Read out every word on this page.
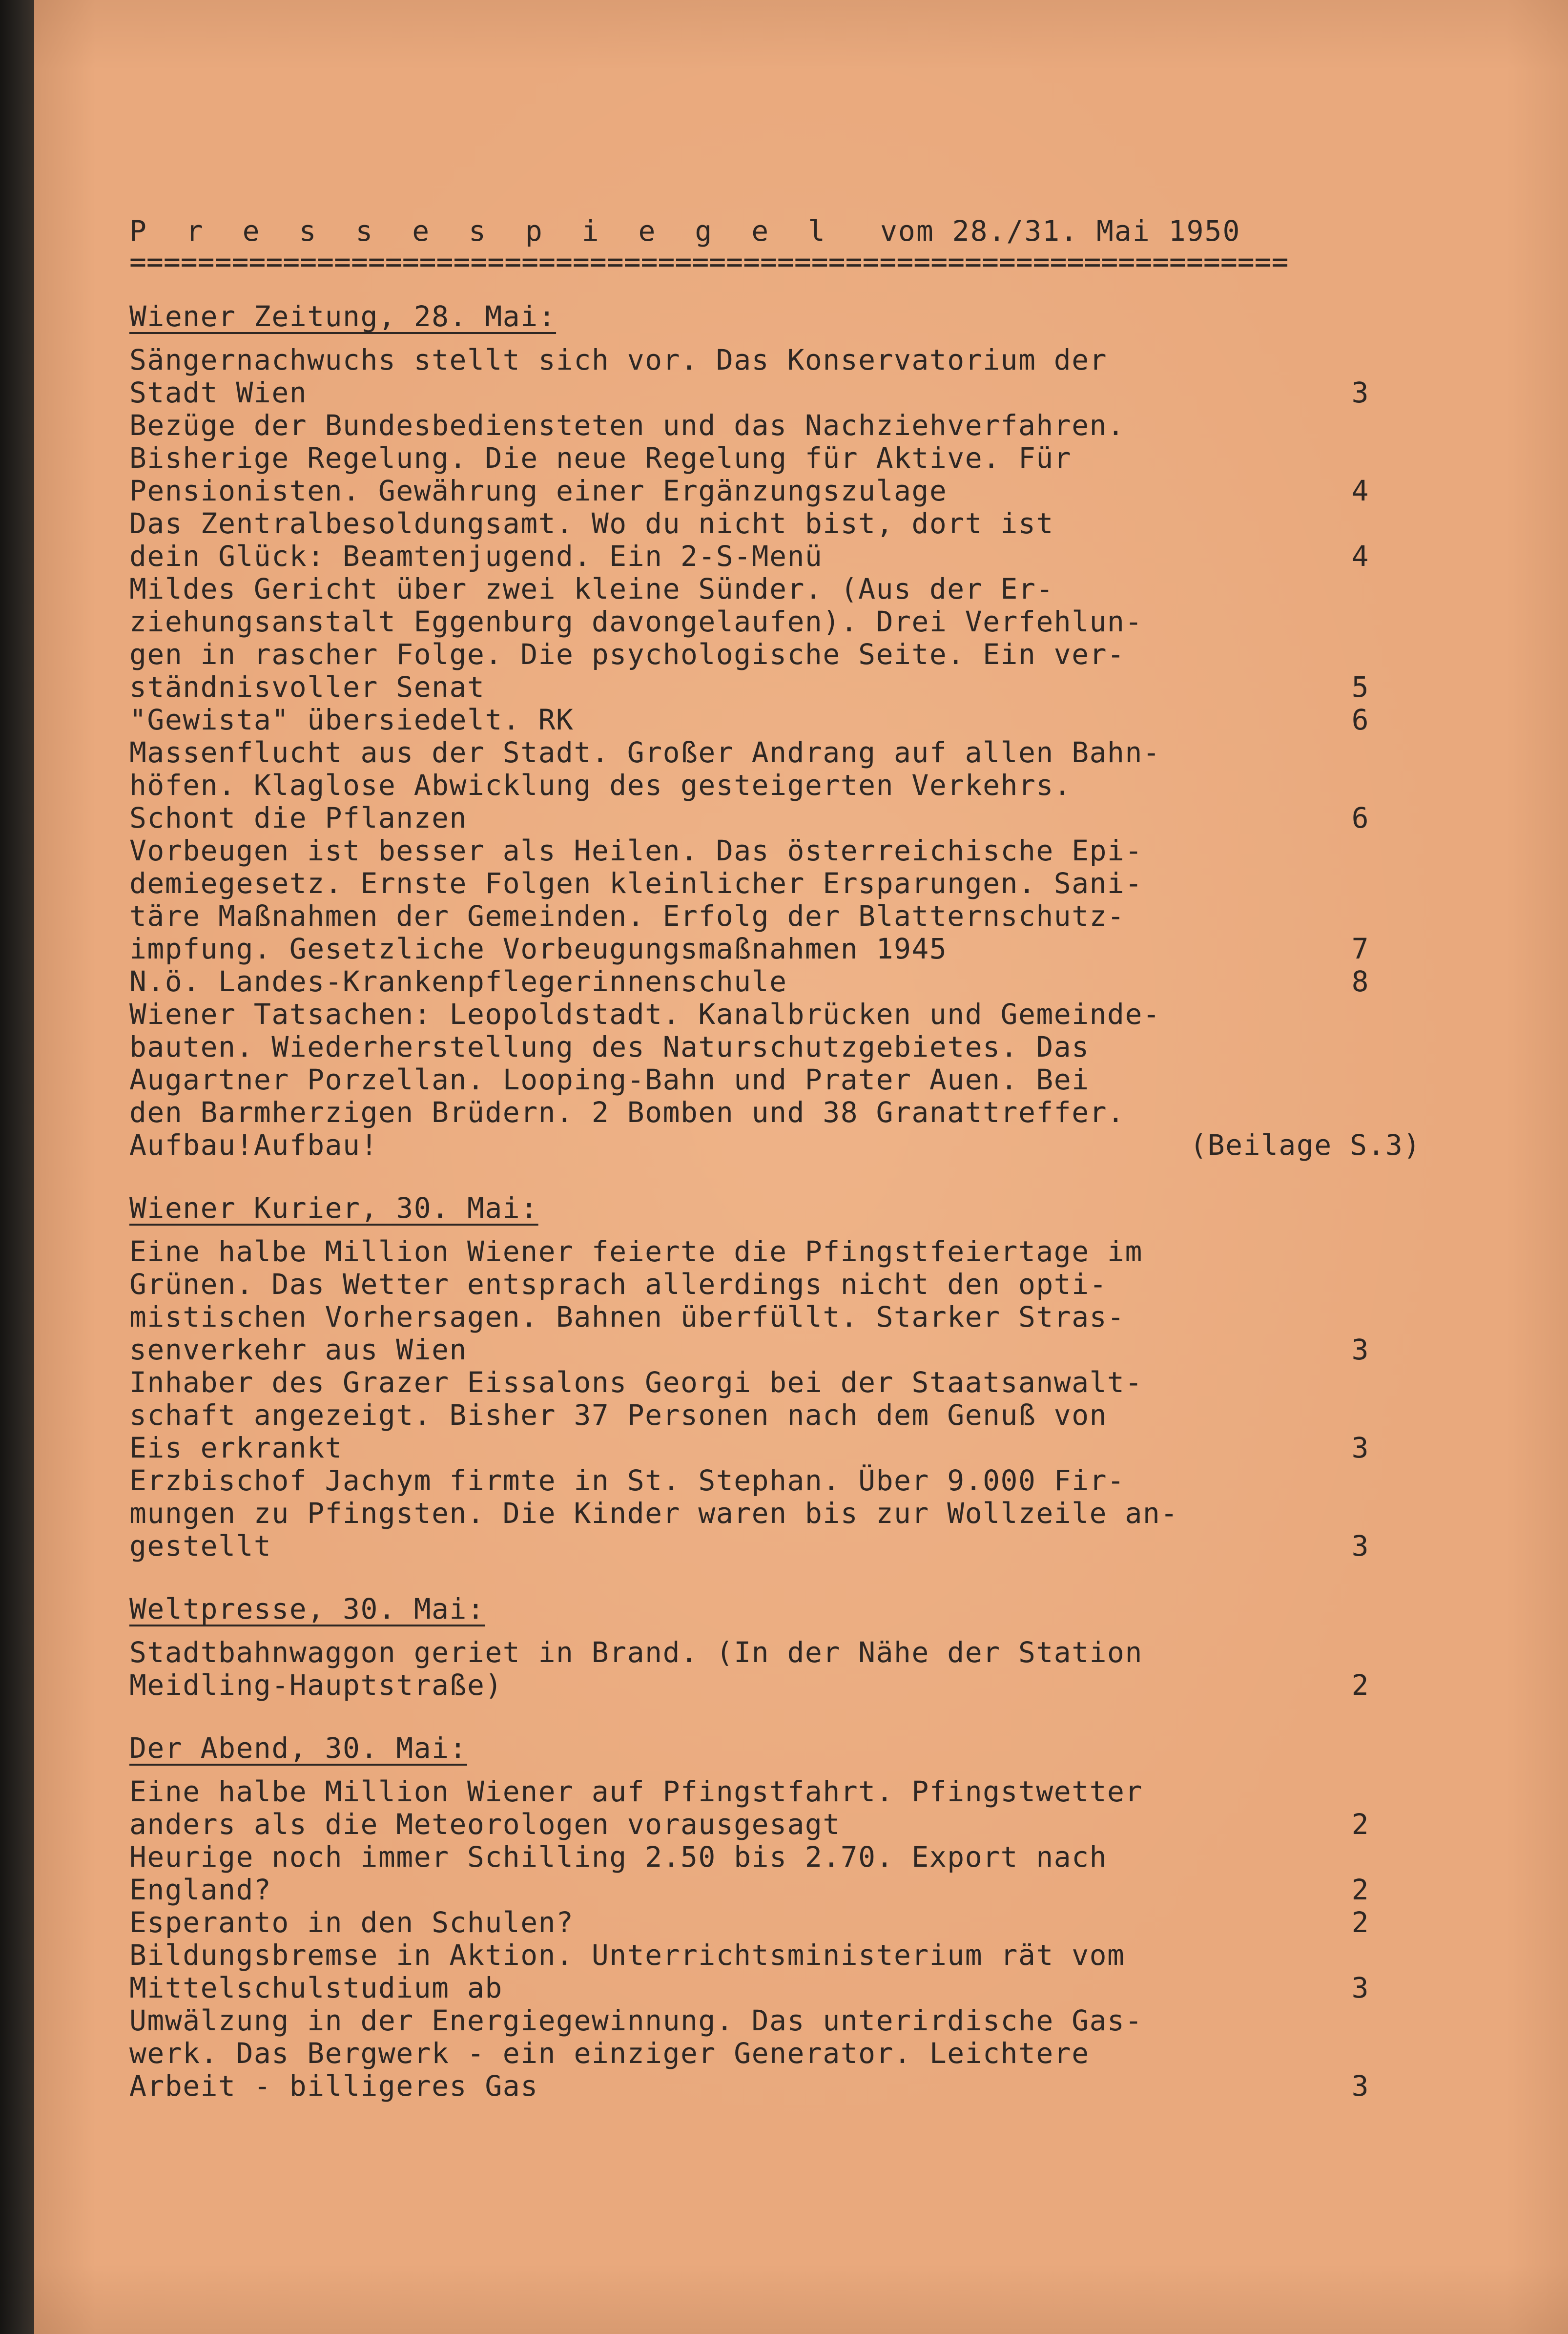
P r e s s e s p i e g e l vom 28./31. Mai 1950
====================================================================
Wiener Zeitung, 28. Mai:
Sängernachwuchs stellt sich vor. Das Konservatorium der
Stadt Wien	3
Bezüge der Bundesbediensteten und das Nachziehverfahren.
Bisherige Regelung. Die neue Regelung für Aktive. Für
Pensionisten. Gewährung einer Ergänzungszulage	4
Das Zentralbesoldungsamt. Wo du nicht bist, dort ist
dein Glück: Beamtenjugend. Ein 2-S-Menü	4
Mildes Gericht über zwei kleine Sünder. (Aus der Er-
ziehungsanstalt Eggenburg davongelaufen). Drei Verfehlun-
gen in rascher Folge. Die psychologische Seite. Ein ver-
ständnisvoller Senat	5
"Gewista" übersiedelt. RK	6
Massenflucht aus der Stadt. Großer Andrang auf allen Bahn-
höfen. Klaglose Abwicklung des gesteigerten Verkehrs.
Schont die Pflanzen	6
Vorbeugen ist besser als Heilen. Das österreichische Epi-
demiegesetz. Ernste Folgen kleinlicher Ersparungen. Sani-
täre Maßnahmen der Gemeinden. Erfolg der Blatternschutz-
impfung. Gesetzliche Vorbeugungsmaßnahmen 1945	7
N.ö. Landes-Krankenpflegerinnenschule	8
Wiener Tatsachen: Leopoldstadt. Kanalbrücken und Gemeinde-
bauten. Wiederherstellung des Naturschutzgebietes. Das
Augartner Porzellan. Looping-Bahn und Prater Auen. Bei
den Barmherzigen Brüdern. 2 Bomben und 38 Granattreffer.
Aufbau!Aufbau!	(Beilage S.3)
Wiener Kurier, 30. Mai:
Eine halbe Million Wiener feierte die Pfingstfeiertage im
Grünen. Das Wetter entsprach allerdings nicht den opti-
mistischen Vorhersagen. Bahnen überfüllt. Starker Stras-
senverkehr aus Wien	3
Inhaber des Grazer Eissalons Georgi bei der Staatsanwalt-
schaft angezeigt. Bisher 37 Personen nach dem Genuß von
Eis erkrankt	3
Erzbischof Jachym firmte in St. Stephan. Über 9.000 Fir-
mungen zu Pfingsten. Die Kinder waren bis zur Wollzeile an-
gestellt	3
Weltpresse, 30. Mai:
Stadtbahnwaggon geriet in Brand. (In der Nähe der Station
Meidling-Hauptstraße)	2
Der Abend, 30. Mai:
Eine halbe Million Wiener auf Pfingstfahrt. Pfingstwetter
anders als die Meteorologen vorausgesagt	2
Heurige noch immer Schilling 2.50 bis 2.70. Export nach
England?	2
Esperanto in den Schulen?	2
Bildungsbremse in Aktion. Unterrichtsministerium rät vom
Mittelschulstudium ab	3
Umwälzung in der Energiegewinnung. Das unterirdische Gas-
werk. Das Bergwerk - ein einziger Generator. Leichtere
Arbeit - billigeres Gas	3
